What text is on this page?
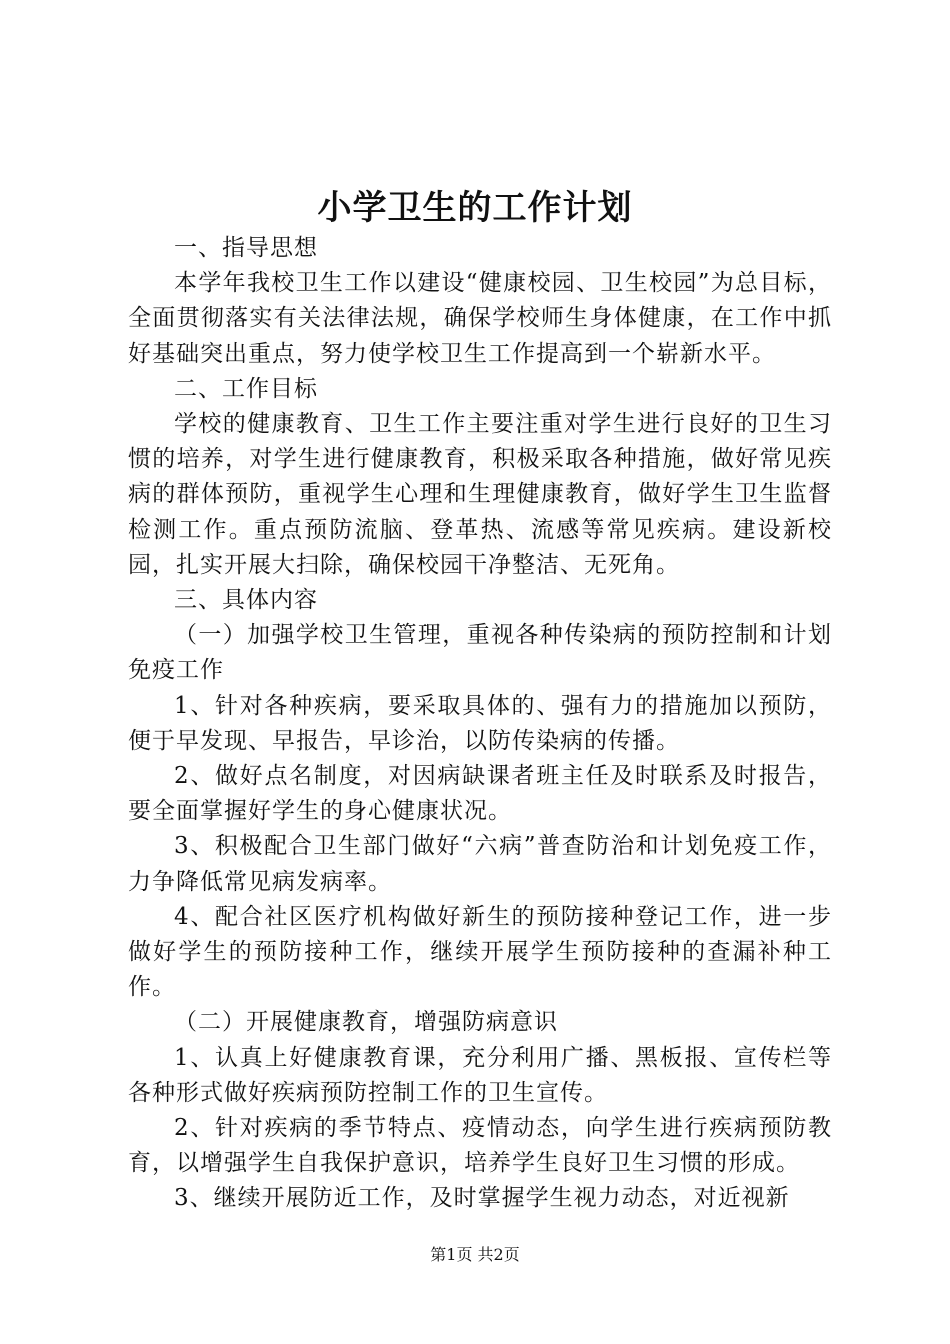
小学卫生的工作计划

一、指导思想

本学年我校卫生工作以建设“健康校园、卫生校园”为总目标，全面贯彻落实有关法律法规，确保学校师生身体健康，在工作中抓好基础突出重点，努力使学校卫生工作提高到一个崭新水平。

二、工作目标

学校的健康教育、卫生工作主要注重对学生进行良好的卫生习惯的培养，对学生进行健康教育，积极采取各种措施，做好常见疾病的群体预防，重视学生心理和生理健康教育，做好学生卫生监督检测工作。重点预防流脑、登革热、流感等常见疾病。建设新校园，扎实开展大扫除，确保校园干净整洁、无死角。

三、具体内容

（一）加强学校卫生管理，重视各种传染病的预防控制和计划免疫工作

1、针对各种疾病，要采取具体的、强有力的措施加以预防，便于早发现、早报告，早诊治，以防传染病的传播。

2、做好点名制度，对因病缺课者班主任及时联系及时报告，要全面掌握好学生的身心健康状况。

3、积极配合卫生部门做好“六病”普查防治和计划免疫工作，力争降低常见病发病率。

4、配合社区医疗机构做好新生的预防接种登记工作，进一步做好学生的预防接种工作，继续开展学生预防接种的查漏补种工作。

（二）开展健康教育，增强防病意识

1、认真上好健康教育课，充分利用广播、黑板报、宣传栏等各种形式做好疾病预防控制工作的卫生宣传。

2、针对疾病的季节特点、疫情动态，向学生进行疾病预防教育，以增强学生自我保护意识，培养学生良好卫生习惯的形成。

3、继续开展防近工作，及时掌握学生视力动态，对近视新

第1页 共2页
